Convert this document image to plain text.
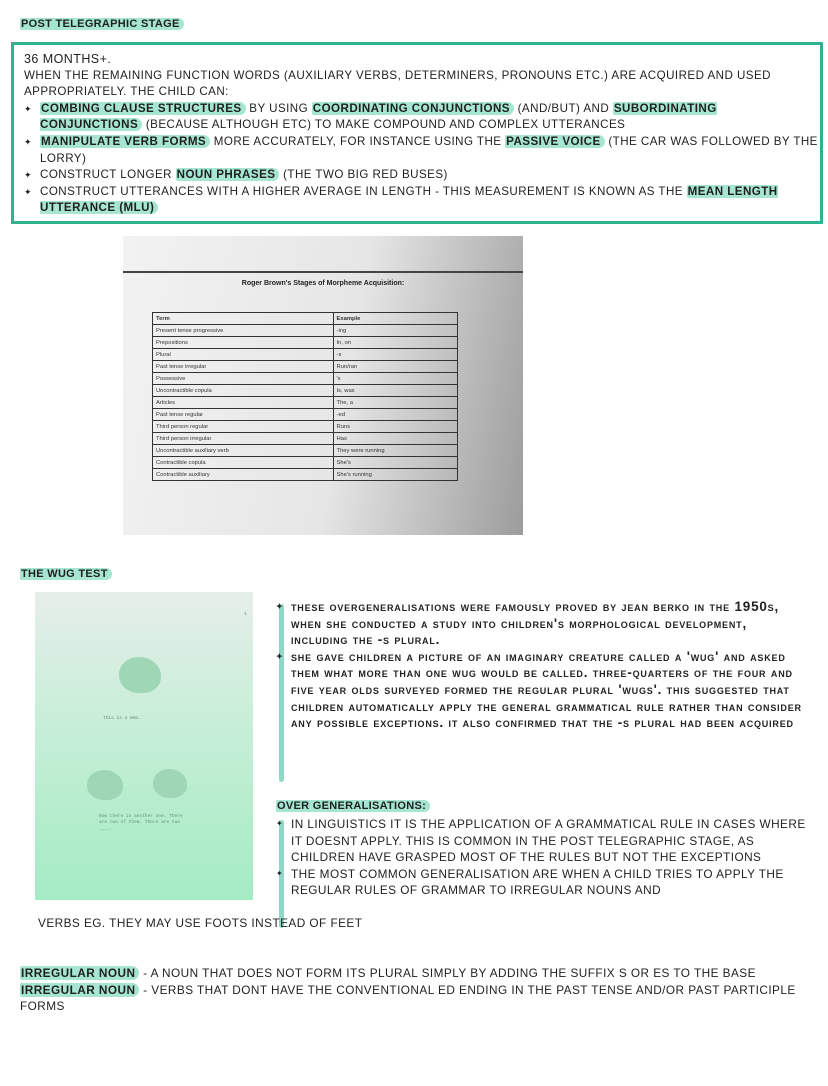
POST TELEGRAPHIC STAGE
36 MONTHS+.
WHEN THE REMAINING FUNCTION WORDS (AUXILIARY VERBS, DETERMINERS, PRONOUNS ETC.) ARE ACQUIRED AND USED APPROPRIATELY. THE CHILD CAN:
✦ COMBING CLAUSE STRUCTURES BY USING COORDINATING CONJUNCTIONS (AND/BUT) AND SUBORDINATING CONJUNCTIONS (BECAUSE ALTHOUGH ETC) TO MAKE COMPOUND AND COMPLEX UTTERANCES
✦ MANIPULATE VERB FORMS MORE ACCURATELY, FOR INSTANCE USING THE PASSIVE VOICE (THE CAR WAS FOLLOWED BY THE LORRY)
✦ CONSTRUCT LONGER NOUN PHRASES (THE TWO BIG RED BUSES)
✦ CONSTRUCT UTTERANCES WITH A HIGHER AVERAGE IN LENGTH - THIS MEASUREMENT IS KNOWN AS THE MEAN LENGTH UTTERANCE (MLU)
Roger Brown's Stages of Morpheme Acquisition:
Term	Example
Present tense progressive	-ing
Prepositions	In, on
Plural	-s
Past tense irregular	Run/ran
Possessive	's
Uncontractible copula	Is, was
Articles	The, a
Past tense regular	-ed
Third person regular	Runs
Third person irregular	Has
Uncontractible auxiliary verb	They were running
Contractible copula	She's
Contractible auxiliary	She's running
THE WUG TEST
1
This is a WUG.
Now there is another one. There are two of them. There are two ____.
✦ these overgeneralisations were famously proved by jean berko in the 1950s, when she conducted a study into children's morphological development, including the -s plural.
✦ she gave children a picture of an imaginary creature called a 'wug' and asked them what more than one wug would be called. three-quarters of the four and five year olds surveyed formed the regular plural 'wugs'. this suggested that children automatically apply the general grammatical rule rather than consider any possible exceptions. it also confirmed that the -s plural had been acquired
OVER GENERALISATIONS:
✦ IN LINGUISTICS IT IS THE APPLICATION OF A GRAMMATICAL RULE IN CASES WHERE IT DOESNT APPLY. THIS IS COMMON IN THE POST TELEGRAPHIC STAGE, AS CHILDREN HAVE GRASPED MOST OF THE RULES BUT NOT THE EXCEPTIONS
✦ THE MOST COMMON GENERALISATION ARE WHEN A CHILD TRIES TO APPLY THE REGULAR RULES OF GRAMMAR TO IRREGULAR NOUNS AND
VERBS EG. THEY MAY USE FOOTS INSTEAD OF FEET
IRREGULAR NOUN - A NOUN THAT DOES NOT FORM ITS PLURAL SIMPLY BY ADDING THE SUFFIX S OR ES TO THE BASE
IRREGULAR NOUN - VERBS THAT DONT HAVE THE CONVENTIONAL ED ENDING IN THE PAST TENSE AND/OR PAST PARTICIPLE FORMS
